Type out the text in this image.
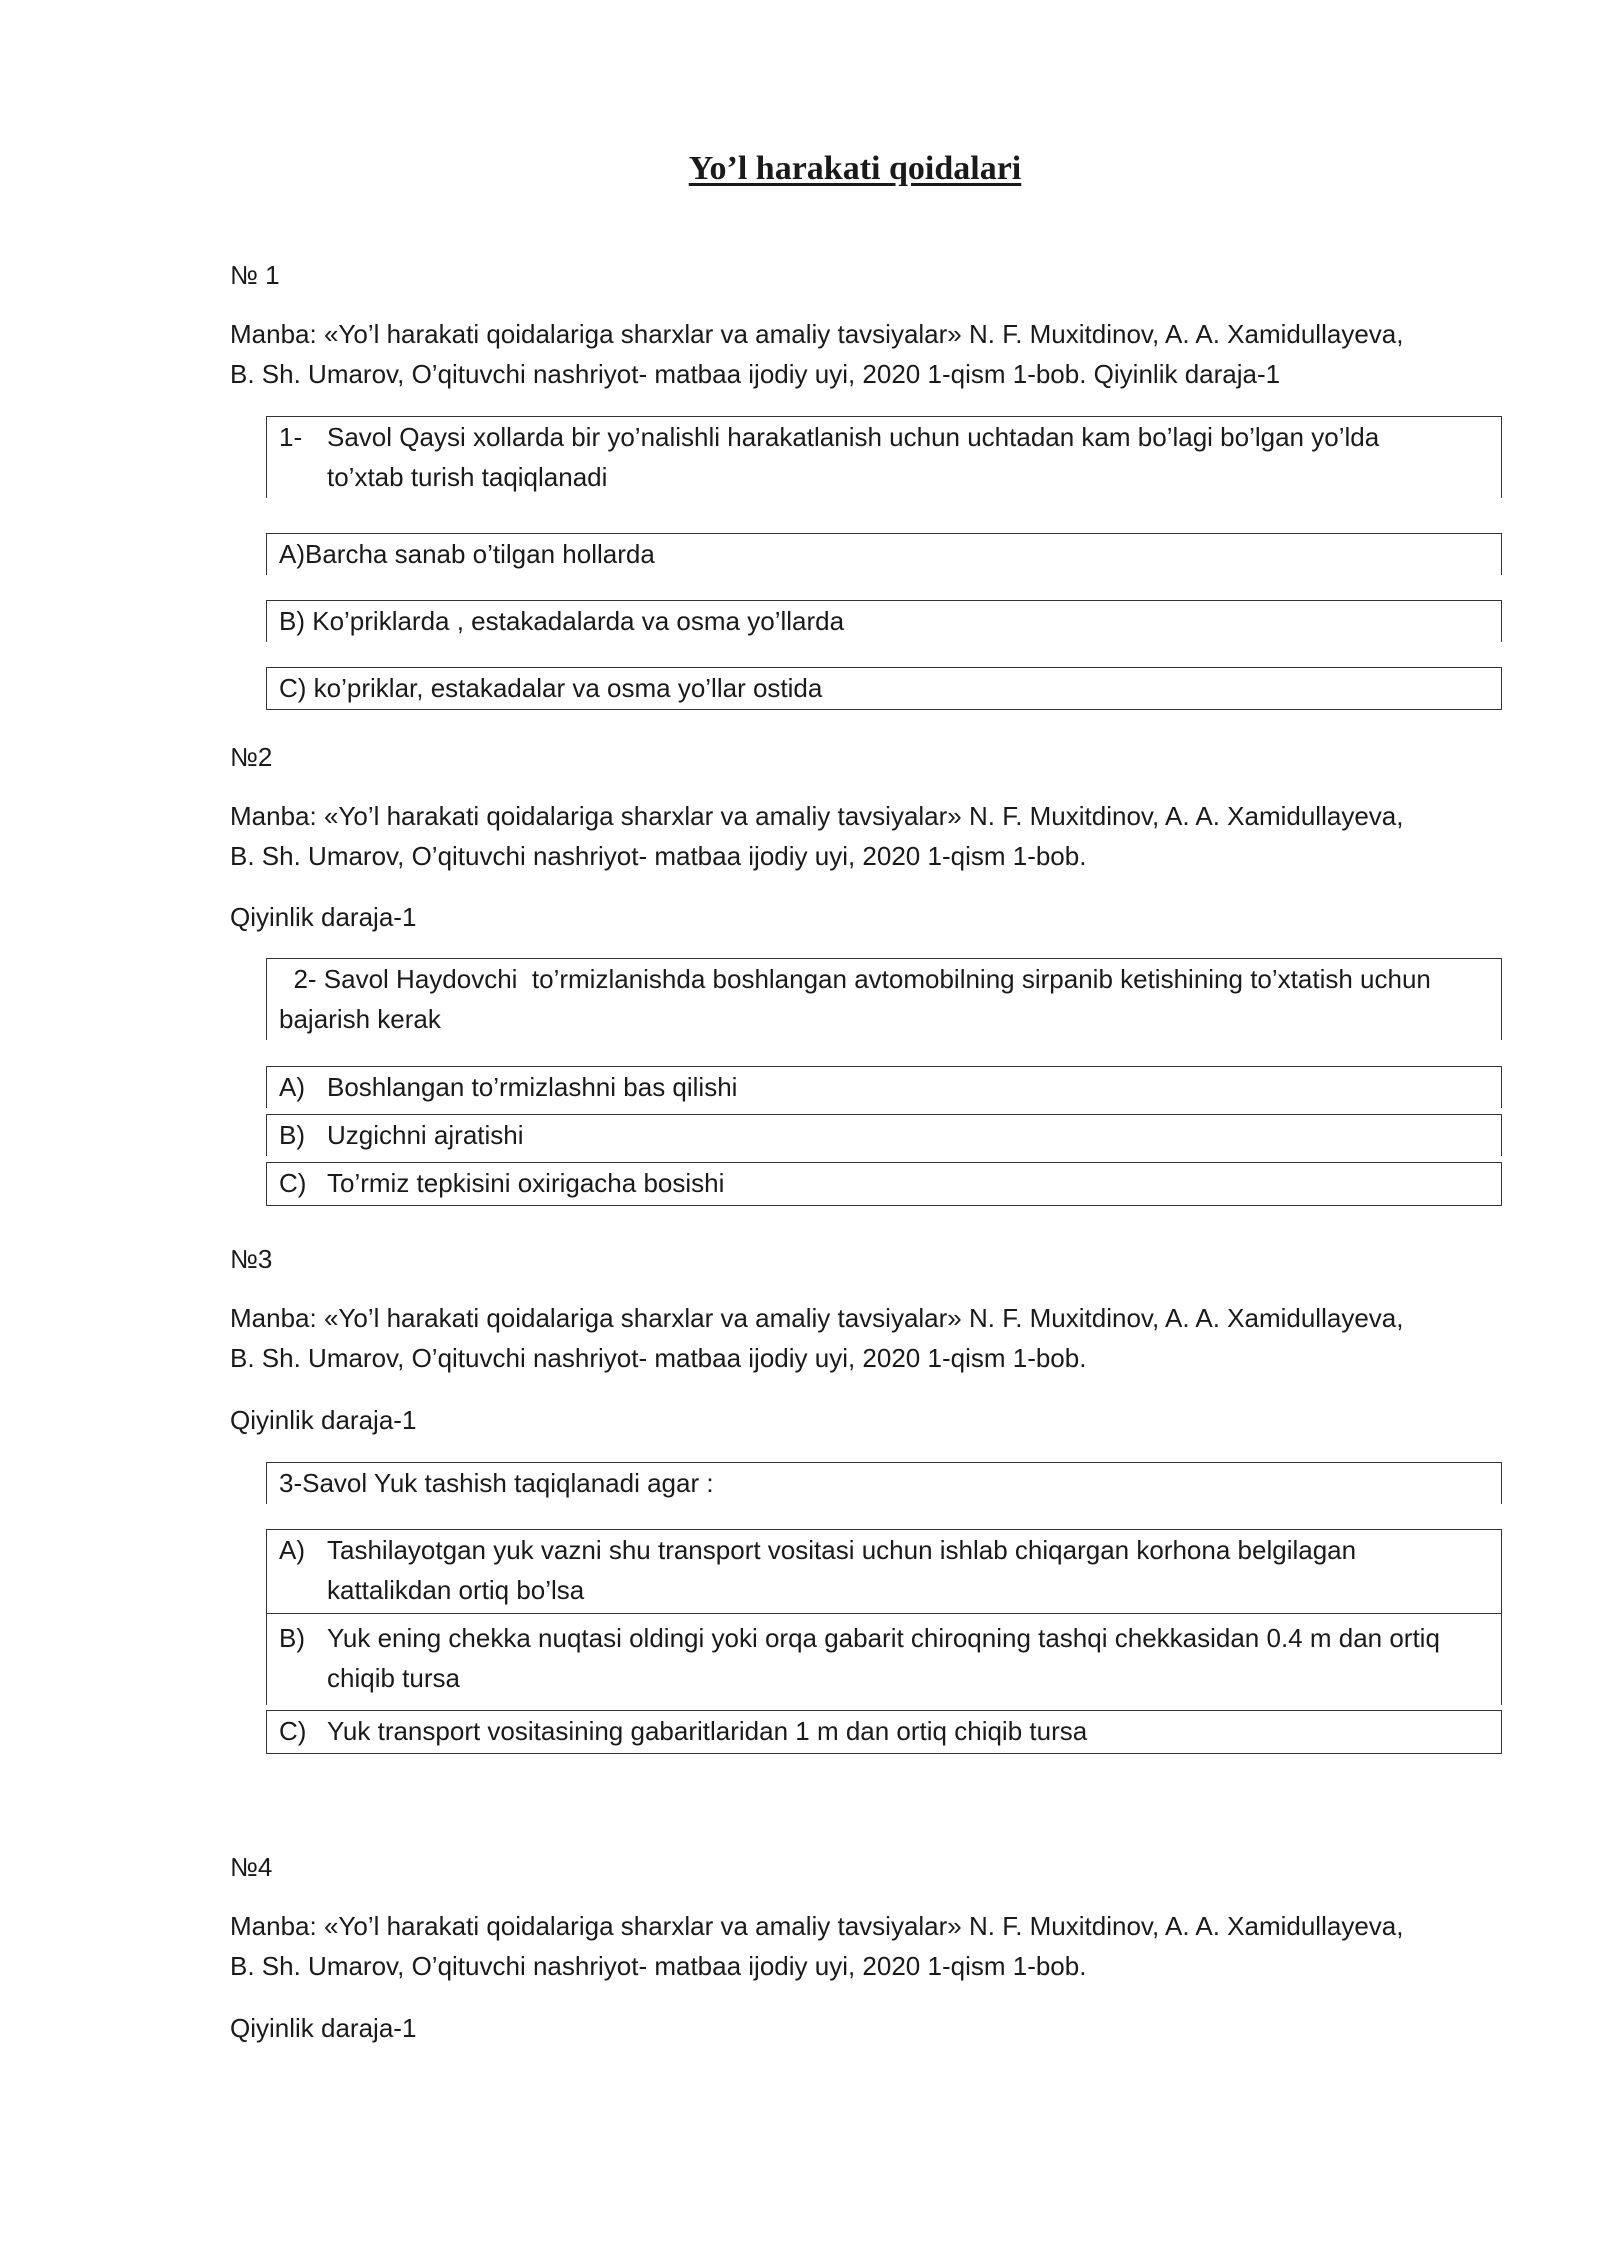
Yo’l harakati qoidalari
№ 1
Manba: «Yo’l harakati qoidalariga sharxlar va amaliy tavsiyalar» N. F. Muxitdinov, A. A. Xamidullayeva,
B. Sh. Umarov, O’qituvchi nashriyot- matbaa ijodiy uyi, 2020 1-qism 1-bob. Qiyinlik daraja-1
1- Savol Qaysi xollarda bir yo’nalishli harakatlanish uchun uchtadan kam bo’lagi bo’lgan yo’lda
to’xtab turish taqiqlanadi
A)Barcha sanab o’tilgan hollarda
B) Ko’priklarda , estakadalarda va osma yo’llarda
C) ko’priklar, estakadalar va osma yo’llar ostida
№2
Manba: «Yo’l harakati qoidalariga sharxlar va amaliy tavsiyalar» N. F. Muxitdinov, A. A. Xamidullayeva,
B. Sh. Umarov, O’qituvchi nashriyot- matbaa ijodiy uyi, 2020 1-qism 1-bob.
Qiyinlik daraja-1
2- Savol Haydovchi  to’rmizlanishda boshlangan avtomobilning sirpanib ketishining to’xtatish uchun
bajarish kerak
A) Boshlangan to’rmizlashni bas qilishi
B) Uzgichni ajratishi
C) To’rmiz tepkisini oxirigacha bosishi
№3
Manba: «Yo’l harakati qoidalariga sharxlar va amaliy tavsiyalar» N. F. Muxitdinov, A. A. Xamidullayeva,
B. Sh. Umarov, O’qituvchi nashriyot- matbaa ijodiy uyi, 2020 1-qism 1-bob.
Qiyinlik daraja-1
3-Savol Yuk tashish taqiqlanadi agar :
A) Tashilayotgan yuk vazni shu transport vositasi uchun ishlab chiqargan korhona belgilagan
kattalikdan ortiq bo’lsa
B) Yuk ening chekka nuqtasi oldingi yoki orqa gabarit chiroqning tashqi chekkasidan 0.4 m dan ortiq
chiqib tursa
C) Yuk transport vositasining gabaritlaridan 1 m dan ortiq chiqib tursa
№4
Manba: «Yo’l harakati qoidalariga sharxlar va amaliy tavsiyalar» N. F. Muxitdinov, A. A. Xamidullayeva,
B. Sh. Umarov, O’qituvchi nashriyot- matbaa ijodiy uyi, 2020 1-qism 1-bob.
Qiyinlik daraja-1
